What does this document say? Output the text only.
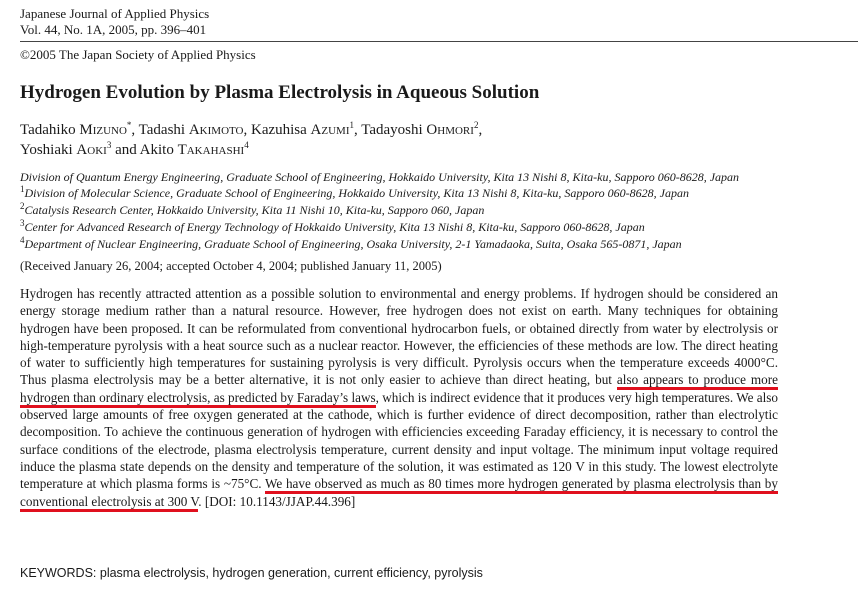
Japanese Journal of Applied Physics
Vol. 44, No. 1A, 2005, pp. 396–401
©2005 The Japan Society of Applied Physics
Hydrogen Evolution by Plasma Electrolysis in Aqueous Solution
Tadahiko Mizuno*, Tadashi Akimoto, Kazuhisa Azumi$^1$, Tadayoshi Ohmori$^2$,
Yoshiaki Aoki$^3$ and Akito Takahashi$^4$
Division of Quantum Energy Engineering, Graduate School of Engineering, Hokkaido University, Kita 13 Nishi 8, Kita-ku, Sapporo 060-8628, Japan
$^1$Division of Molecular Science, Graduate School of Engineering, Hokkaido University, Kita 13 Nishi 8, Kita-ku, Sapporo 060-8628, Japan
$^2$Catalysis Research Center, Hokkaido University, Kita 11 Nishi 10, Kita-ku, Sapporo 060, Japan
$^3$Center for Advanced Research of Energy Technology of Hokkaido University, Kita 13 Nishi 8, Kita-ku, Sapporo 060-8628, Japan
$^4$Department of Nuclear Engineering, Graduate School of Engineering, Osaka University, 2-1 Yamadaoka, Suita, Osaka 565-0871, Japan
(Received January 26, 2004; accepted October 4, 2004; published January 11, 2005)
Hydrogen has recently attracted attention as a possible solution to environmental and energy problems. If hydrogen should be considered an energy storage medium rather than a natural resource. However, free hydrogen does not exist on earth. Many techniques for obtaining hydrogen have been proposed. It can be reformulated from conventional hydrocarbon fuels, or obtained directly from water by electrolysis or high-temperature pyrolysis with a heat source such as a nuclear reactor. However, the efficiencies of these methods are low. The direct heating of water to sufficiently high temperatures for sustaining pyrolysis is very difficult. Pyrolysis occurs when the temperature exceeds 4000°C. Thus plasma electrolysis may be a better alternative, it is not only easier to achieve than direct heating, but also appears to produce more hydrogen than ordinary electrolysis, as predicted by Faraday’s laws, which is indirect evidence that it produces very high temperatures. We also observed large amounts of free oxygen generated at the cathode, which is further evidence of direct decomposition, rather than electrolytic decomposition. To achieve the continuous generation of hydrogen with efficiencies exceeding Faraday efficiency, it is necessary to control the surface conditions of the electrode, plasma electrolysis temperature, current density and input voltage. The minimum input voltage required induce the plasma state depends on the density and temperature of the solution, it was estimated as 120 V in this study. The lowest electrolyte temperature at which plasma forms is ~75°C. We have observed as much as 80 times more hydrogen generated by plasma electrolysis than by conventional electrolysis at 300 V. [DOI: 10.1143/JJAP.44.396]
KEYWORDS: plasma electrolysis, hydrogen generation, current efficiency, pyrolysis
